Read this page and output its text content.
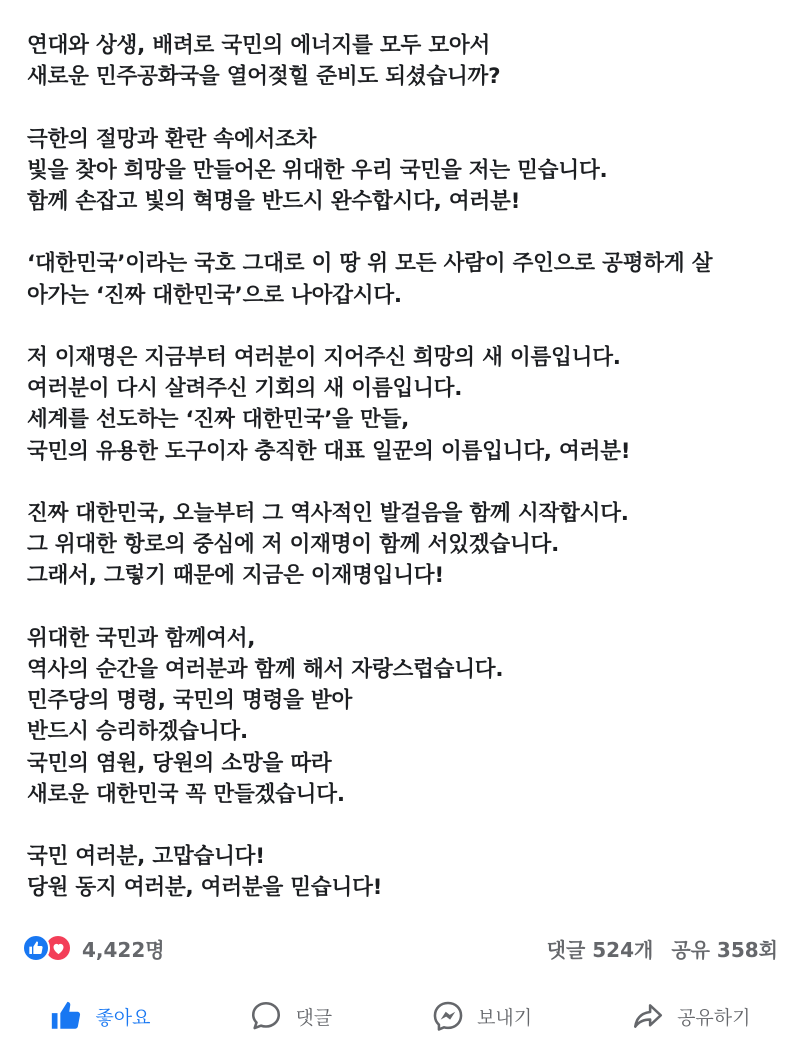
연대와 상생, 배려로 국민의 에너지를 모두 모아서
새로운 민주공화국을 열어젖힐 준비도 되셨습니까?
극한의 절망과 환란 속에서조차
빛을 찾아 희망을 만들어온 위대한 우리 국민을 저는 믿습니다.
함께 손잡고 빛의 혁명을 반드시 완수합시다, 여러분!
‘대한민국’이라는 국호 그대로 이 땅 위 모든 사람이 주인으로 공평하게 살
아가는 ‘진짜 대한민국’으로 나아갑시다.
저 이재명은 지금부터 여러분이 지어주신 희망의 새 이름입니다.
여러분이 다시 살려주신 기회의 새 이름입니다.
세계를 선도하는 ‘진짜 대한민국’을 만들,
국민의 유용한 도구이자 충직한 대표 일꾼의 이름입니다, 여러분!
진짜 대한민국, 오늘부터 그 역사적인 발걸음을 함께 시작합시다.
그 위대한 항로의 중심에 저 이재명이 함께 서있겠습니다.
그래서, 그렇기 때문에 지금은 이재명입니다!
위대한 국민과 함께여서,
역사의 순간을 여러분과 함께 해서 자랑스럽습니다.
민주당의 명령, 국민의 명령을 받아
반드시 승리하겠습니다.
국민의 염원, 당원의 소망을 따라
새로운 대한민국 꼭 만들겠습니다.
국민 여러분, 고맙습니다!
당원 동지 여러분, 여러분을 믿습니다!
4,422명	댓글 524개 공유 358회
좋아요	댓글	보내기	공유하기
